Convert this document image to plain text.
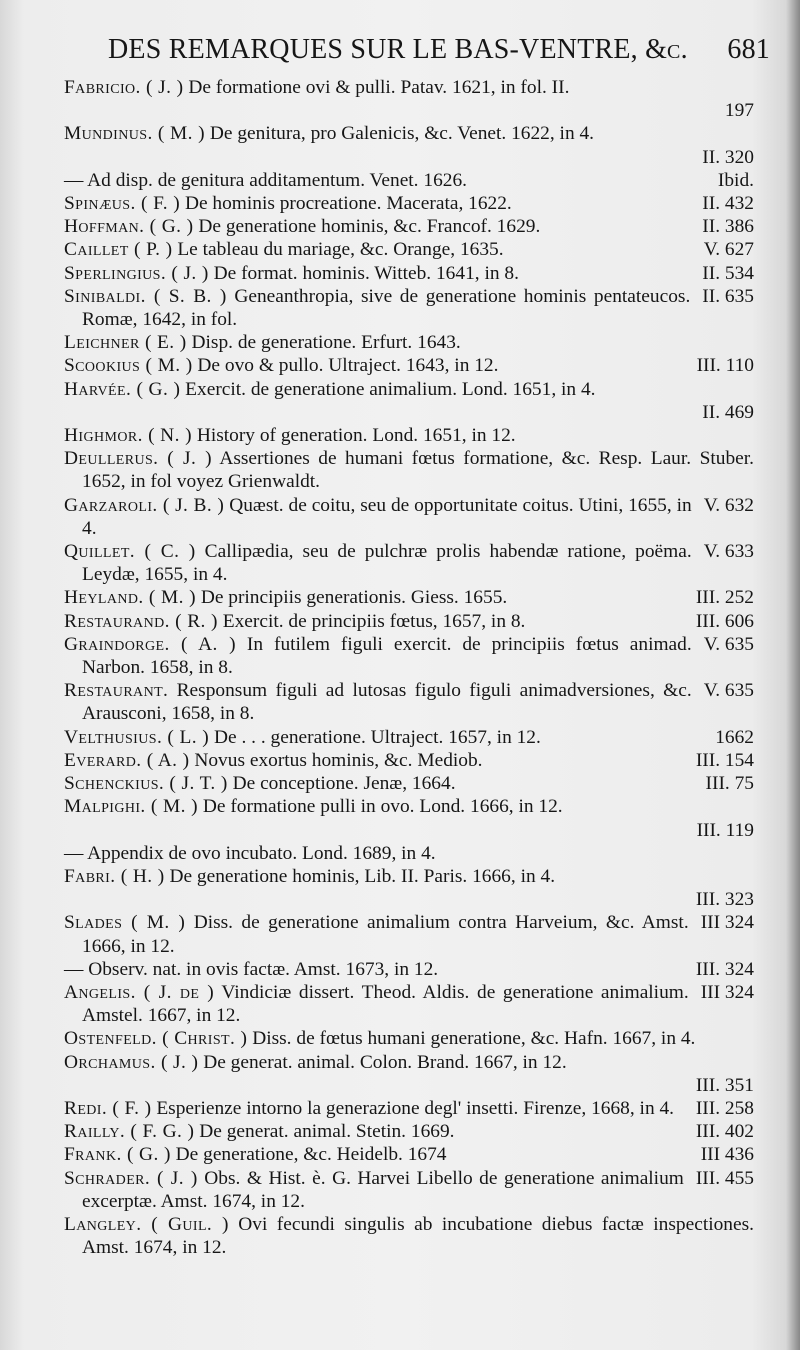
DES REMARQUES SUR LE BAS-VENTRE, &c. 681

Fabricio. ( J. ) De formatione ovi & pulli. Patav. 1621, in fol. II.
197

Mundinus. ( M. ) De genitura, pro Galenicis, &c. Venet. 1622, in 4.
II. 320

Ibid.
— Ad disp. de genitura additamentum. Venet. 1626.

II. 432
Spinæus. ( F. ) De hominis procreatione. Macerata, 1622.

II. 386
Hoffman. ( G. ) De generatione hominis, &c. Francof. 1629.

V. 627
Caillet ( P. ) Le tableau du mariage, &c. Orange, 1635.

II. 534
Sperlingius. ( J. ) De format. hominis. Witteb. 1641, in 8.

II. 635
Sinibaldi. ( S. B. ) Geneanthropia, sive de generatione hominis pentateucos. Romæ, 1642, in fol.

Leichner ( E. ) Disp. de generatione. Erfurt. 1643.

III. 110
Scookius ( M. ) De ovo & pullo. Ultraject. 1643, in 12.

Harvée. ( G. ) Exercit. de generatione animalium. Lond. 1651, in 4.
II. 469

Highmor. ( N. ) History of generation. Lond. 1651, in 12.

Deullerus. ( J. ) Assertiones de humani fœtus formatione, &c. Resp. Laur. Stuber. 1652, in fol voyez Grienwaldt.

V. 632
Garzaroli. ( J. B. ) Quæst. de coitu, seu de opportunitate coitus. Utini, 1655, in 4.

V. 633
Quillet. ( C. ) Callipædia, seu de pulchræ prolis habendæ ratione, poëma. Leydæ, 1655, in 4.

III. 252
Heyland. ( M. ) De principiis generationis. Giess. 1655.

III. 606
Restaurand. ( R. ) Exercit. de principiis fœtus, 1657, in 8.

V. 635
Graindorge. ( A. ) In futilem figuli exercit. de principiis fœtus animad. Narbon. 1658, in 8.

V. 635
Restaurant. Responsum figuli ad lutosas figulo figuli animadversiones, &c. Arausconi, 1658, in 8.

1662
Velthusius. ( L. ) De . . . generatione. Ultraject. 1657, in 12.

III. 154
Everard. ( A. ) Novus exortus hominis, &c. Mediob.

III. 75
Schenckius. ( J. T. ) De conceptione. Jenæ, 1664.

Malpighi. ( M. ) De formatione pulli in ovo. Lond. 1666, in 12.
III. 119

— Appendix de ovo incubato. Lond. 1689, in 4.

Fabri. ( H. ) De generatione hominis, Lib. II. Paris. 1666, in 4.
III. 323

III 324
Slades ( M. ) Diss. de generatione animalium contra Harveium, &c. Amst. 1666, in 12.

III. 324
— Observ. nat. in ovis factæ. Amst. 1673, in 12.

III 324
Angelis. ( J. de ) Vindiciæ dissert. Theod. Aldis. de generatione animalium. Amstel. 1667, in 12.

Ostenfeld. ( Christ. ) Diss. de fœtus humani generatione, &c. Hafn. 1667, in 4.

Orchamus. ( J. ) De generat. animal. Colon. Brand. 1667, in 12.
III. 351

III. 258
Redi. ( F. ) Esperienze intorno la generazione degl' insetti. Firenze, 1668, in 4.

III. 402
Railly. ( F. G. ) De generat. animal. Stetin. 1669.

III 436
Frank. ( G. ) De generatione, &c. Heidelb. 1674

III. 455
Schrader. ( J. ) Obs. & Hist. è. G. Harvei Libello de generatione animalium excerptæ. Amst. 1674, in 12.

Langley. ( Guil. ) Ovi fecundi singulis ab incubatione diebus factæ inspectiones. Amst. 1674, in 12.
